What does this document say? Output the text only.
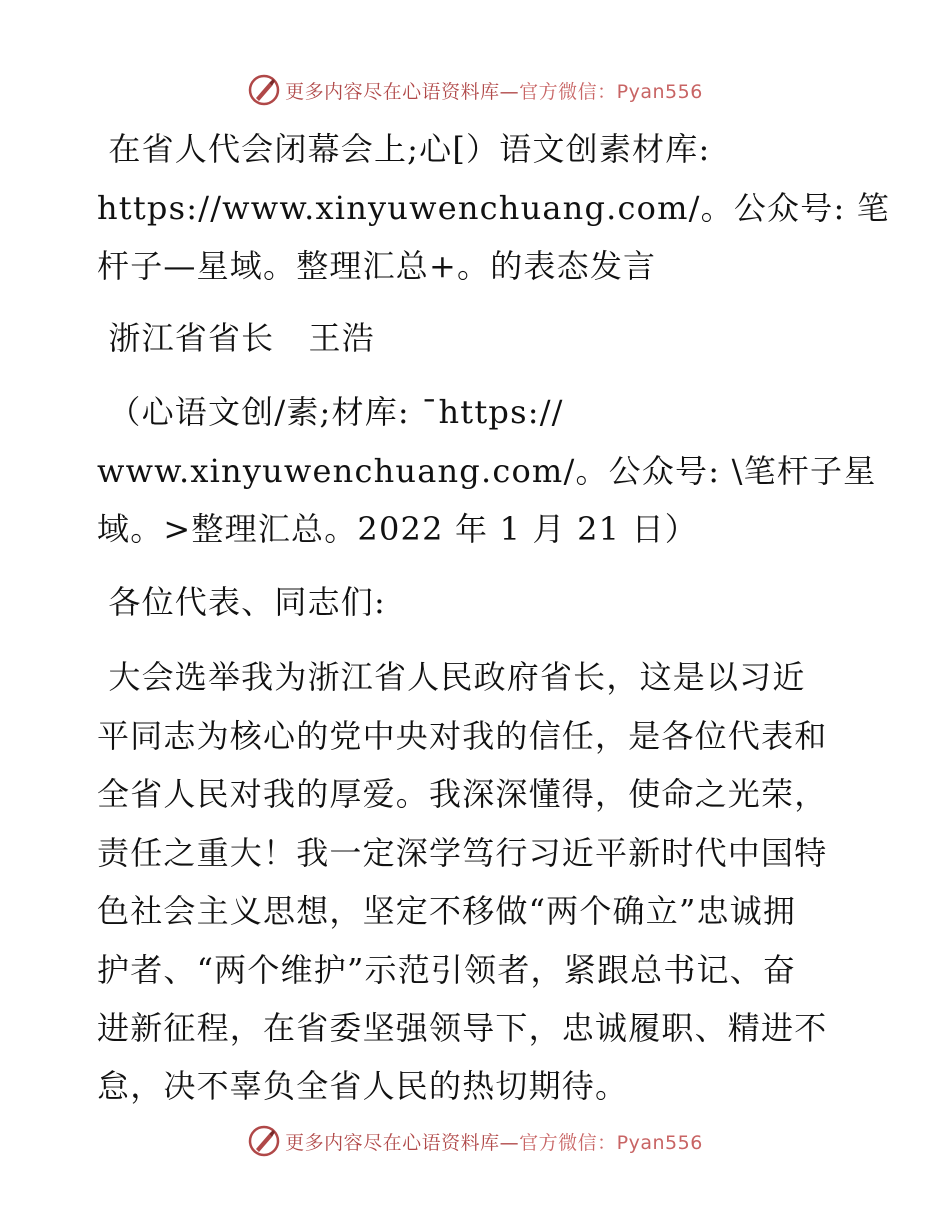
更多内容尽在心语资料库—官方微信：Pyan556
在省人代会闭幕会上;心[）语文创素材库:
https://www.xinyuwenchuang.com/。公众号: 笔
杆子—星域。整理汇总+。的表态发言
浙江省省长   王浩
（心语文创/素;材库: ¯https://
www.xinyuwenchuang.com/。公众号: \笔杆子星
域。>整理汇总。2022 年 1 月 21 日）
各位代表、同志们:
大会选举我为浙江省人民政府省长，这是以习近
平同志为核心的党中央对我的信任，是各位代表和
全省人民对我的厚爱。我深深懂得，使命之光荣，
责任之重大！我一定深学笃行习近平新时代中国特
色社会主义思想，坚定不移做“两个确立”忠诚拥
护者、“两个维护”示范引领者，紧跟总书记、奋
进新征程，在省委坚强领导下，忠诚履职、精进不
怠，决不辜负全省人民的热切期待。
更多内容尽在心语资料库—官方微信：Pyan556
